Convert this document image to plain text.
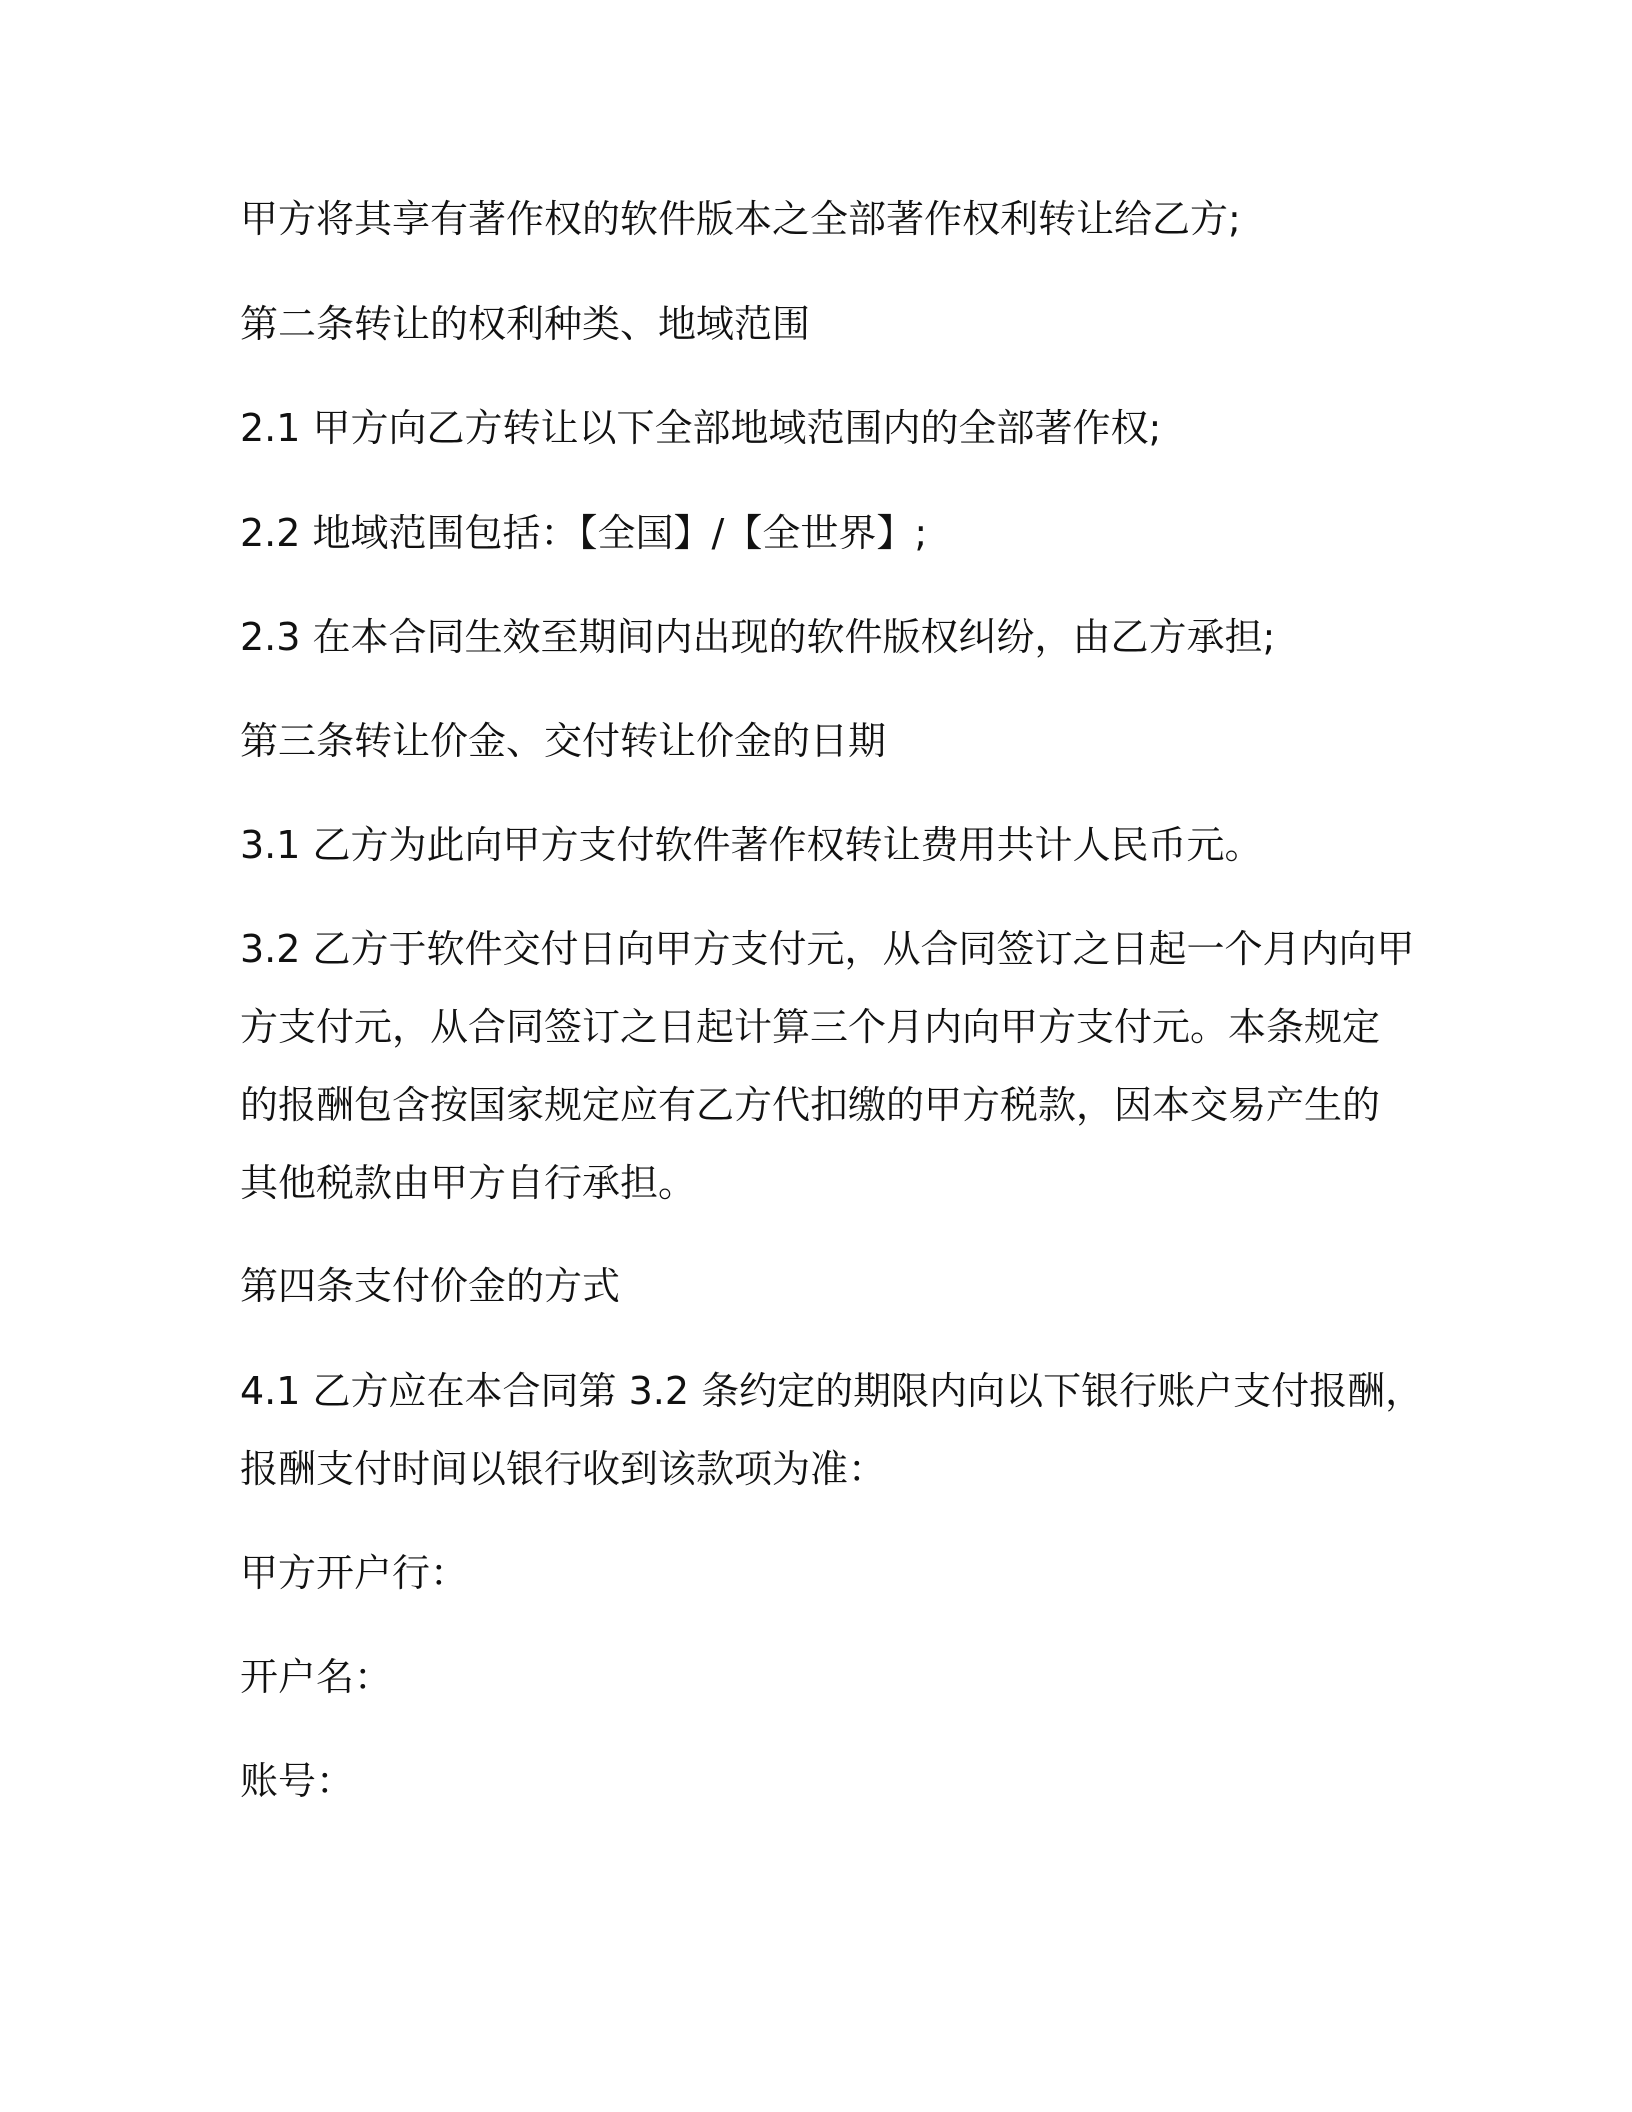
甲方将其享有著作权的软件版本之全部著作权利转让给乙方;

第二条转让的权利种类、地域范围

2.1 甲方向乙方转让以下全部地域范围内的全部著作权;

2.2 地域范围包括：【全国】/【全世界】;

2.3 在本合同生效至期间内出现的软件版权纠纷，由乙方承担;

第三条转让价金、交付转让价金的日期

3.1 乙方为此向甲方支付软件著作权转让费用共计人民币元。

3.2 乙方于软件交付日向甲方支付元，从合同签订之日起一个月内向甲
方支付元，从合同签订之日起计算三个月内向甲方支付元。本条规定
的报酬包含按国家规定应有乙方代扣缴的甲方税款，因本交易产生的
其他税款由甲方自行承担。

第四条支付价金的方式

4.1 乙方应在本合同第 3.2 条约定的期限内向以下银行账户支付报酬，
报酬支付时间以银行收到该款项为准：

甲方开户行：

开户名：

账号：
